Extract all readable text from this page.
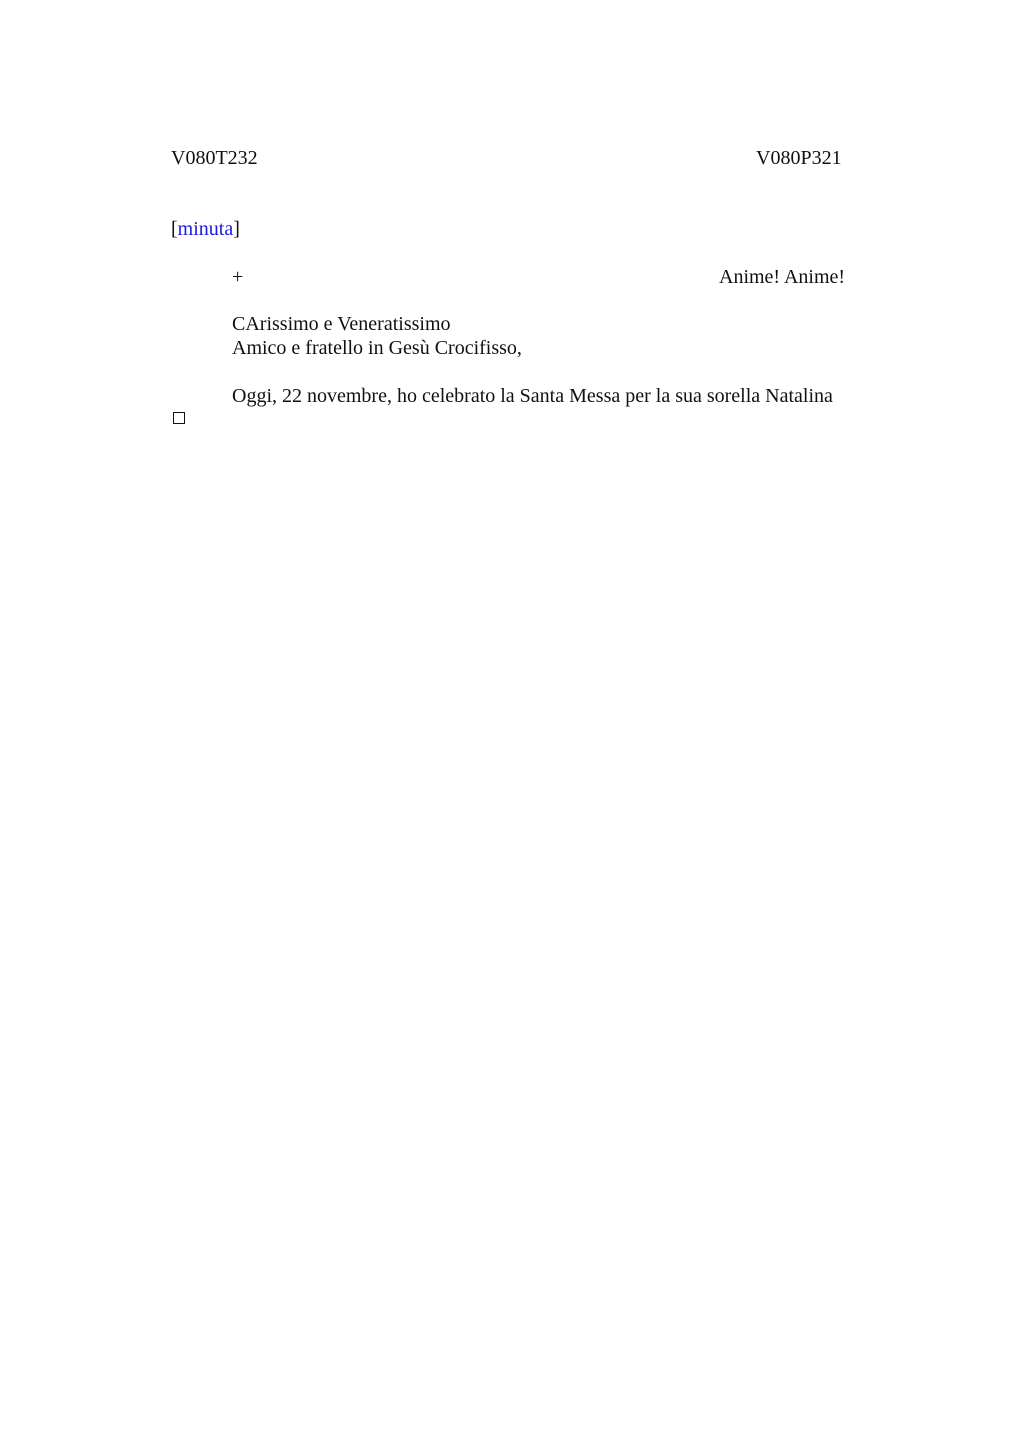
V080T232	V080P321
[minuta]
+	Anime! Anime!
CArissimo e Veneratissimo
Amico e fratello in Gesù Crocifisso,
Oggi, 22 novembre, ho celebrato la Santa Messa per la sua sorella Natalina
